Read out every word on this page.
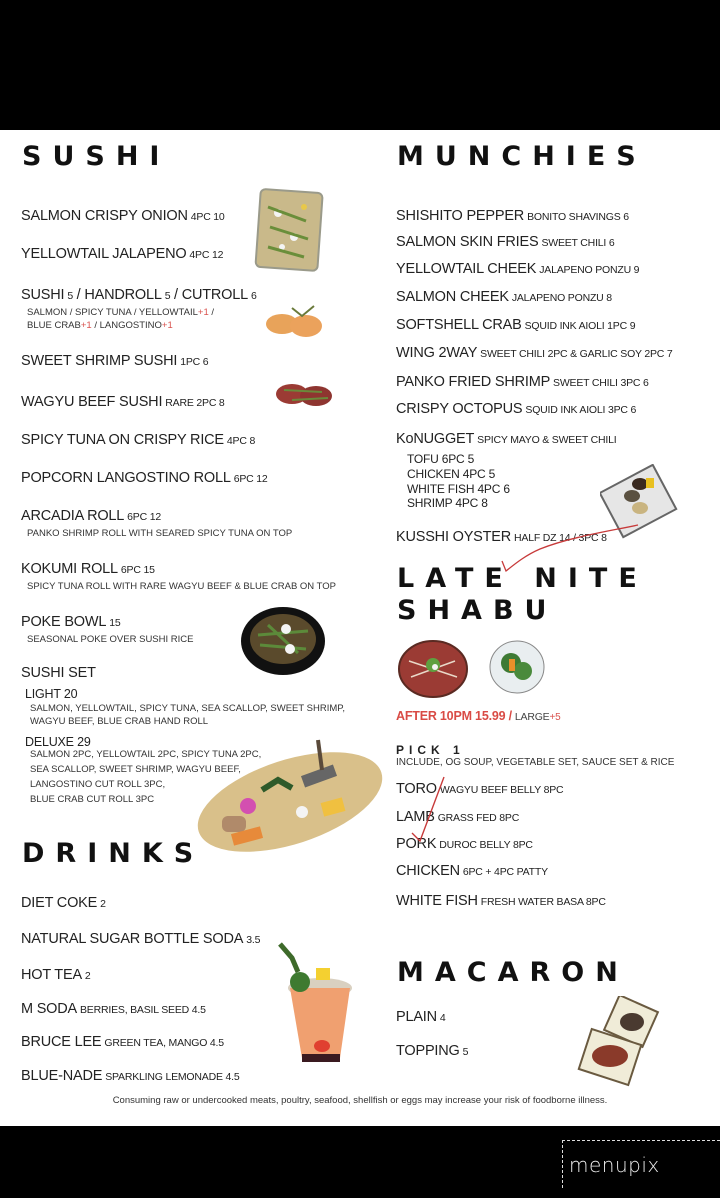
SUSHI
SALMON CRISPY ONION 4PC 10
YELLOWTAIL JALAPENO 4PC 12
SUSHI 5 / HANDROLL 5 / CUTROLL 6
SALMON / SPICY TUNA / YELLOWTAIL+1 /
BLUE CRAB+1 / LANGOSTINO+1
SWEET SHRIMP SUSHI 1PC 6
WAGYU BEEF SUSHI RARE 2PC 8
SPICY TUNA ON CRISPY RICE 4PC 8
POPCORN LANGOSTINO ROLL 6PC 12
ARCADIA ROLL 6PC 12
PANKO SHRIMP ROLL WITH SEARED SPICY TUNA ON TOP
KOKUMI ROLL 6PC 15
SPICY TUNA ROLL WITH RARE WAGYU BEEF & BLUE CRAB ON TOP
POKE BOWL 15
SEASONAL POKE OVER SUSHI RICE
SUSHI SET
LIGHT 20
SALMON, YELLOWTAIL, SPICY TUNA, SEA SCALLOP, SWEET SHRIMP,
WAGYU BEEF, BLUE CRAB HAND ROLL
DELUXE 29
SALMON 2PC, YELLOWTAIL 2PC, SPICY TUNA 2PC,
SEA SCALLOP, SWEET SHRIMP, WAGYU BEEF,
LANGOSTINO CUT ROLL 3PC,
BLUE CRAB CUT ROLL 3PC
DRINKS
DIET COKE 2
NATURAL SUGAR BOTTLE SODA 3.5
HOT TEA 2
M SODA BERRIES, BASIL SEED 4.5
BRUCE LEE GREEN TEA, MANGO 4.5
BLUE-NADE SPARKLING LEMONADE 4.5
MUNCHIES
SHISHITO PEPPER BONITO SHAVINGS 6
SALMON SKIN FRIES SWEET CHILI 6
YELLOWTAIL CHEEK JALAPENO PONZU 9
SALMON CHEEK JALAPENO PONZU 8
SOFTSHELL CRAB SQUID INK AIOLI 1PC 9
WING 2WAY SWEET CHILI 2PC & GARLIC SOY 2PC 7
PANKO FRIED SHRIMP SWEET CHILI 3PC 6
CRISPY OCTOPUS SQUID INK AIOLI 3PC 6
KoNUGGET SPICY MAYO & SWEET CHILI
TOFU 6PC 5
CHICKEN 4PC 5
WHITE FISH 4PC 6
SHRIMP 4PC 8
KUSSHI OYSTER HALF DZ 14 / 3PC 8
LATE NITE
SHABU
AFTER 10PM 15.99 / LARGE+5
PICK 1
INCLUDE, OG SOUP, VEGETABLE SET, SAUCE SET & RICE
TORO WAGYU BEEF BELLY 8PC
LAMB GRASS FED 8PC
PORK DUROC BELLY 8PC
CHICKEN 6PC + 4PC PATTY
WHITE FISH FRESH WATER BASA 8PC
MACARON
PLAIN 4
TOPPING 5
Consuming raw or undercooked meats, poultry, seafood, shellfish or eggs may increase your risk of foodborne illness.
menupix
